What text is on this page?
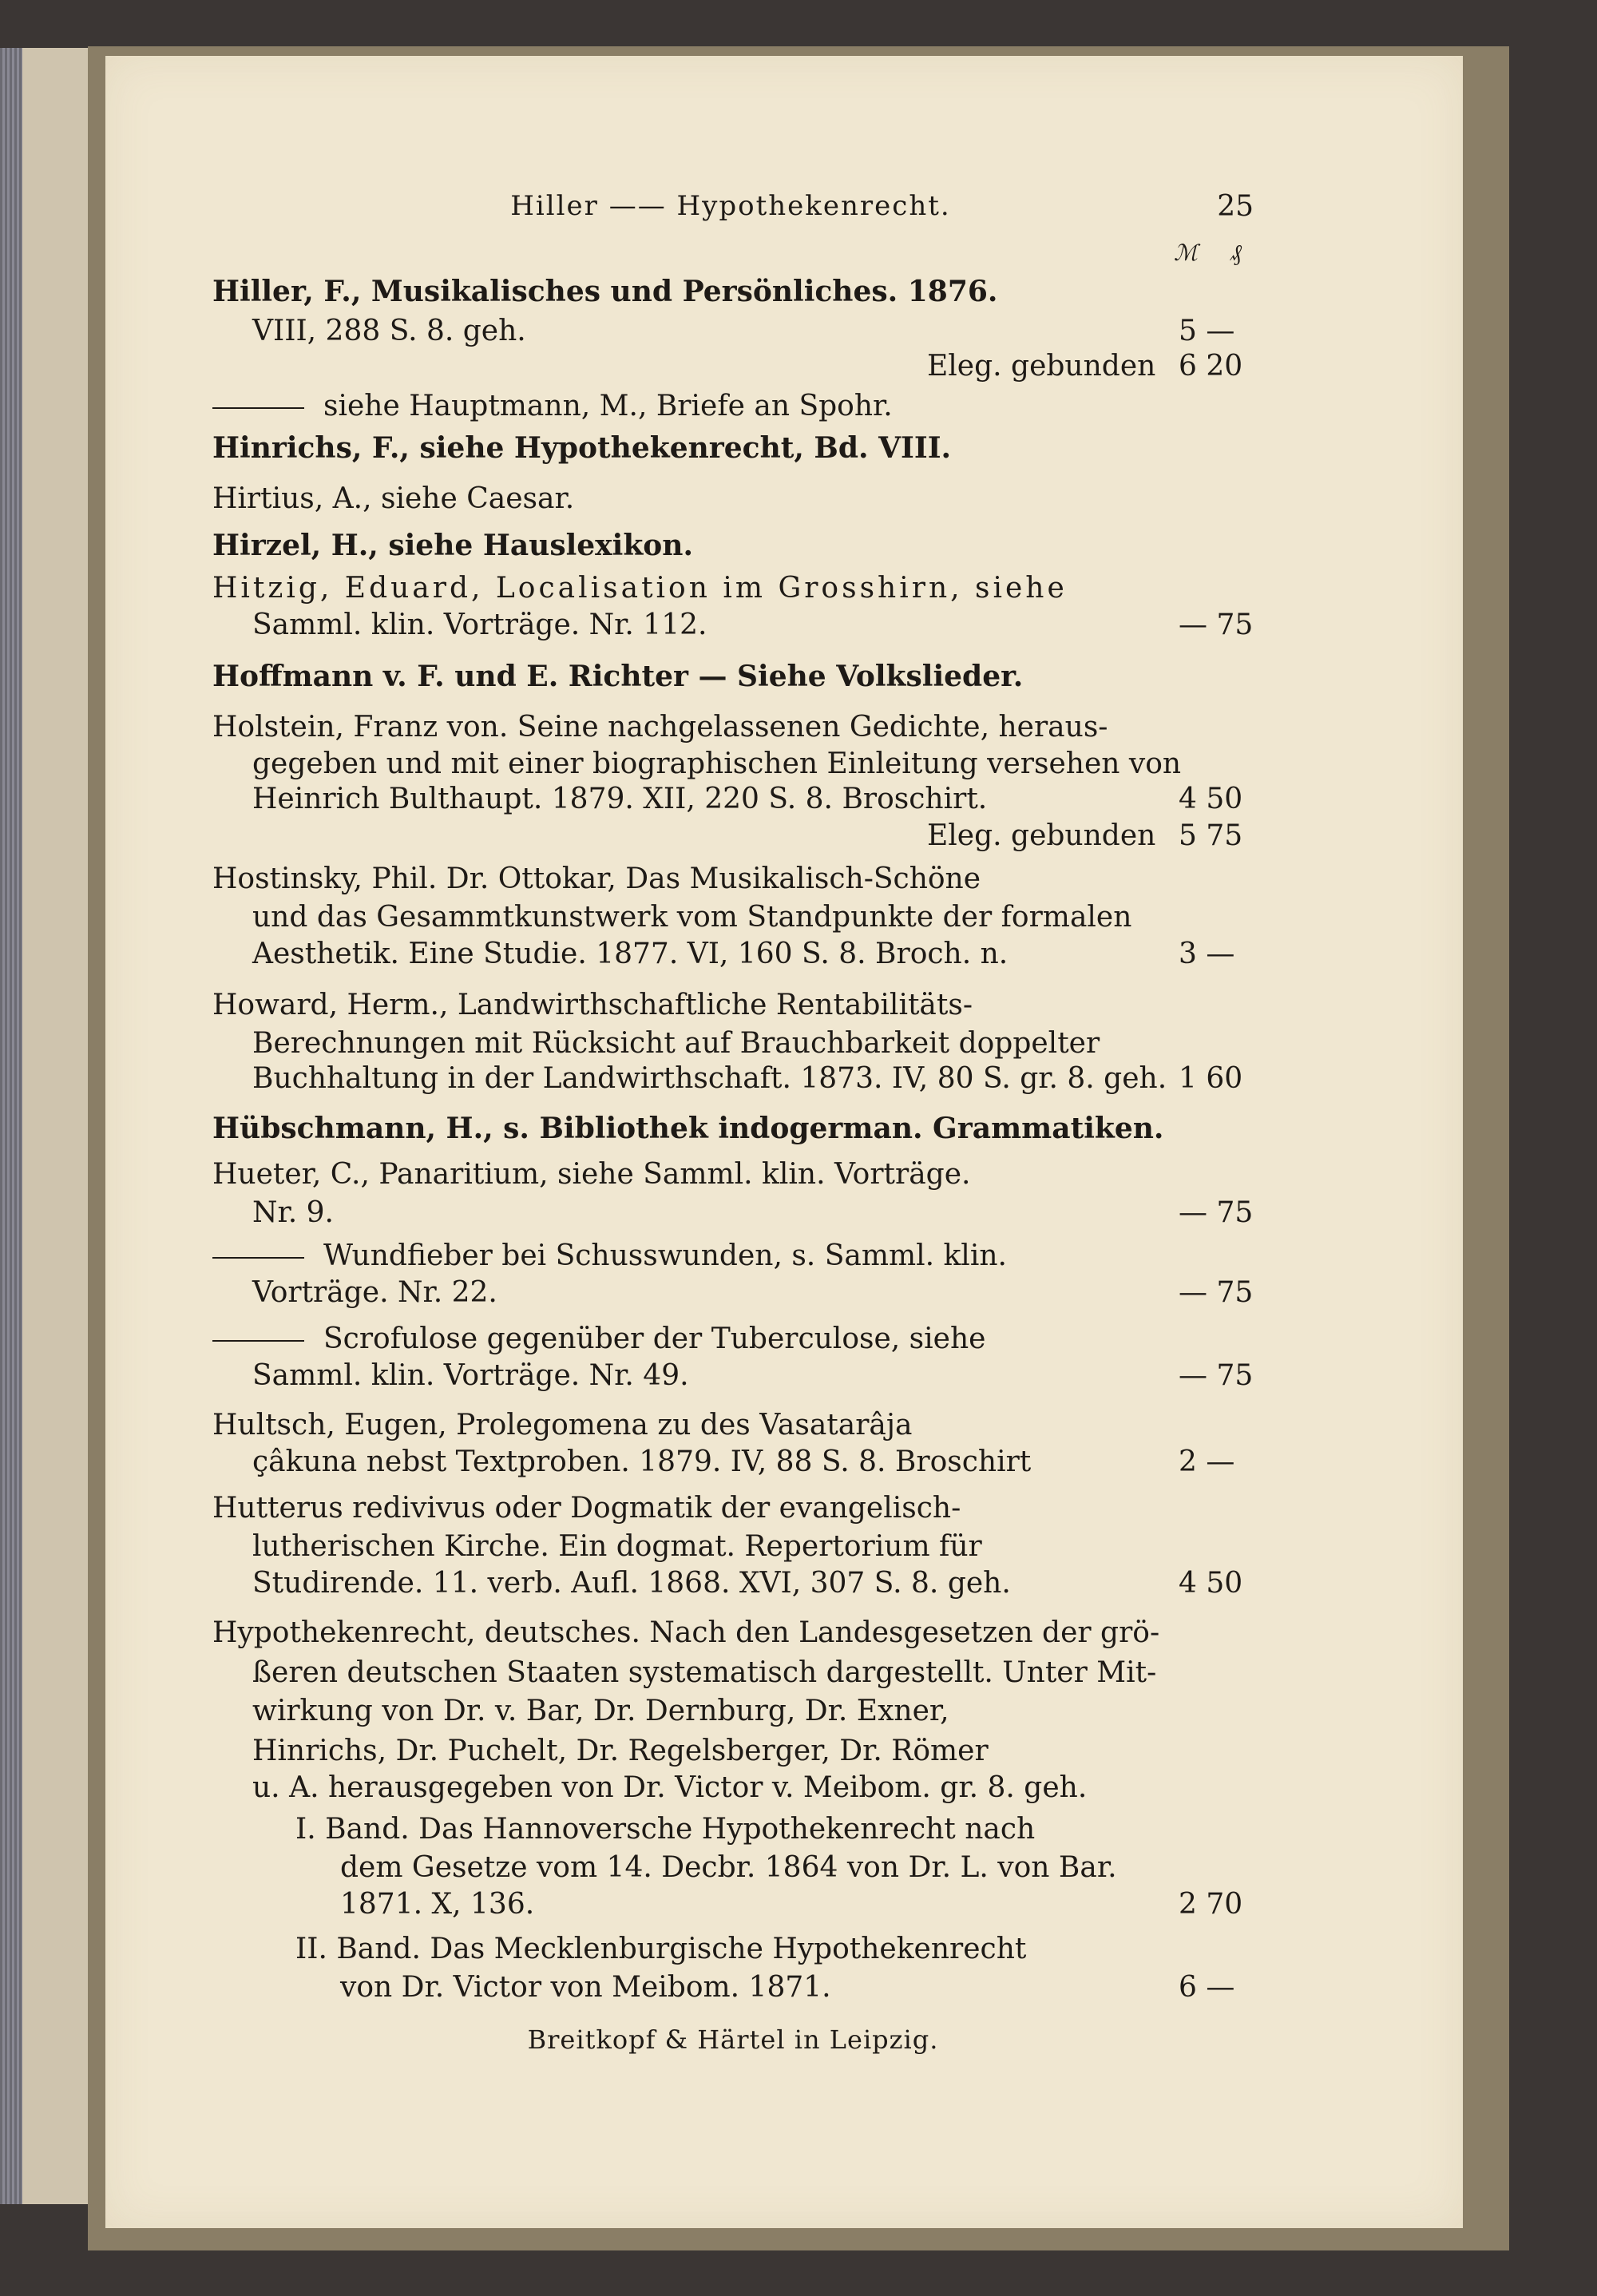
Hiller —— Hypothekenrecht.	25
ℳ ₰
Hiller, F., Musikalisches und Persönliches. 1876.
VIII, 288 S. 8. geh.	5 —
Eleg. gebunden 6 20
siehe Hauptmann, M., Briefe an Spohr.
Hinrichs, F., siehe Hypothekenrecht, Bd. VIII.
Hirtius, A., siehe Caesar.
Hirzel, H., siehe Hauslexikon.
Hitzig, Eduard, Localisation im Grosshirn, siehe
Samml. klin. Vorträge. Nr. 112.	— 75
Hoffmann v. F. und E. Richter — Siehe Volkslieder.
Holstein, Franz von. Seine nachgelassenen Gedichte, heraus-
gegeben und mit einer biographischen Einleitung versehen von
Heinrich Bulthaupt. 1879. XII, 220 S. 8. Broschirt.	4 50
Eleg. gebunden 5 75
Hostinsky, Phil. Dr. Ottokar, Das Musikalisch-Schöne
und das Gesammtkunstwerk vom Standpunkte der formalen
Aesthetik. Eine Studie. 1877. VI, 160 S. 8. Broch. n.	3 —
Howard, Herm., Landwirthschaftliche Rentabilitäts-
Berechnungen mit Rücksicht auf Brauchbarkeit doppelter
Buchhaltung in der Landwirthschaft. 1873. IV, 80 S. gr. 8. geh. 1 60
Hübschmann, H., s. Bibliothek indogerman. Grammatiken.
Hueter, C., Panaritium, siehe Samml. klin. Vorträge.
Nr. 9.	— 75
Wundfieber bei Schusswunden, s. Samml. klin.
Vorträge. Nr. 22.	— 75
Scrofulose gegenüber der Tuberculose, siehe
Samml. klin. Vorträge. Nr. 49.	— 75
Hultsch, Eugen, Prolegomena zu des Vasatarâja
çâkuna nebst Textproben. 1879. IV, 88 S. 8. Broschirt	2 —
Hutterus redivivus oder Dogmatik der evangelisch-
lutherischen Kirche. Ein dogmat. Repertorium für
Studirende. 11. verb. Aufl. 1868. XVI, 307 S. 8. geh.	4 50
Hypothekenrecht, deutsches. Nach den Landesgesetzen der grö-
ßeren deutschen Staaten systematisch dargestellt. Unter Mit-
wirkung von Dr. v. Bar, Dr. Dernburg, Dr. Exner,
Hinrichs, Dr. Puchelt, Dr. Regelsberger, Dr. Römer
u. A. herausgegeben von Dr. Victor v. Meibom. gr. 8. geh.
I. Band. Das Hannoversche Hypothekenrecht nach
dem Gesetze vom 14. Decbr. 1864 von Dr. L. von Bar.
1871. X, 136.	2 70
II. Band. Das Mecklenburgische Hypothekenrecht
von Dr. Victor von Meibom. 1871.	6 —
Breitkopf & Härtel in Leipzig.
